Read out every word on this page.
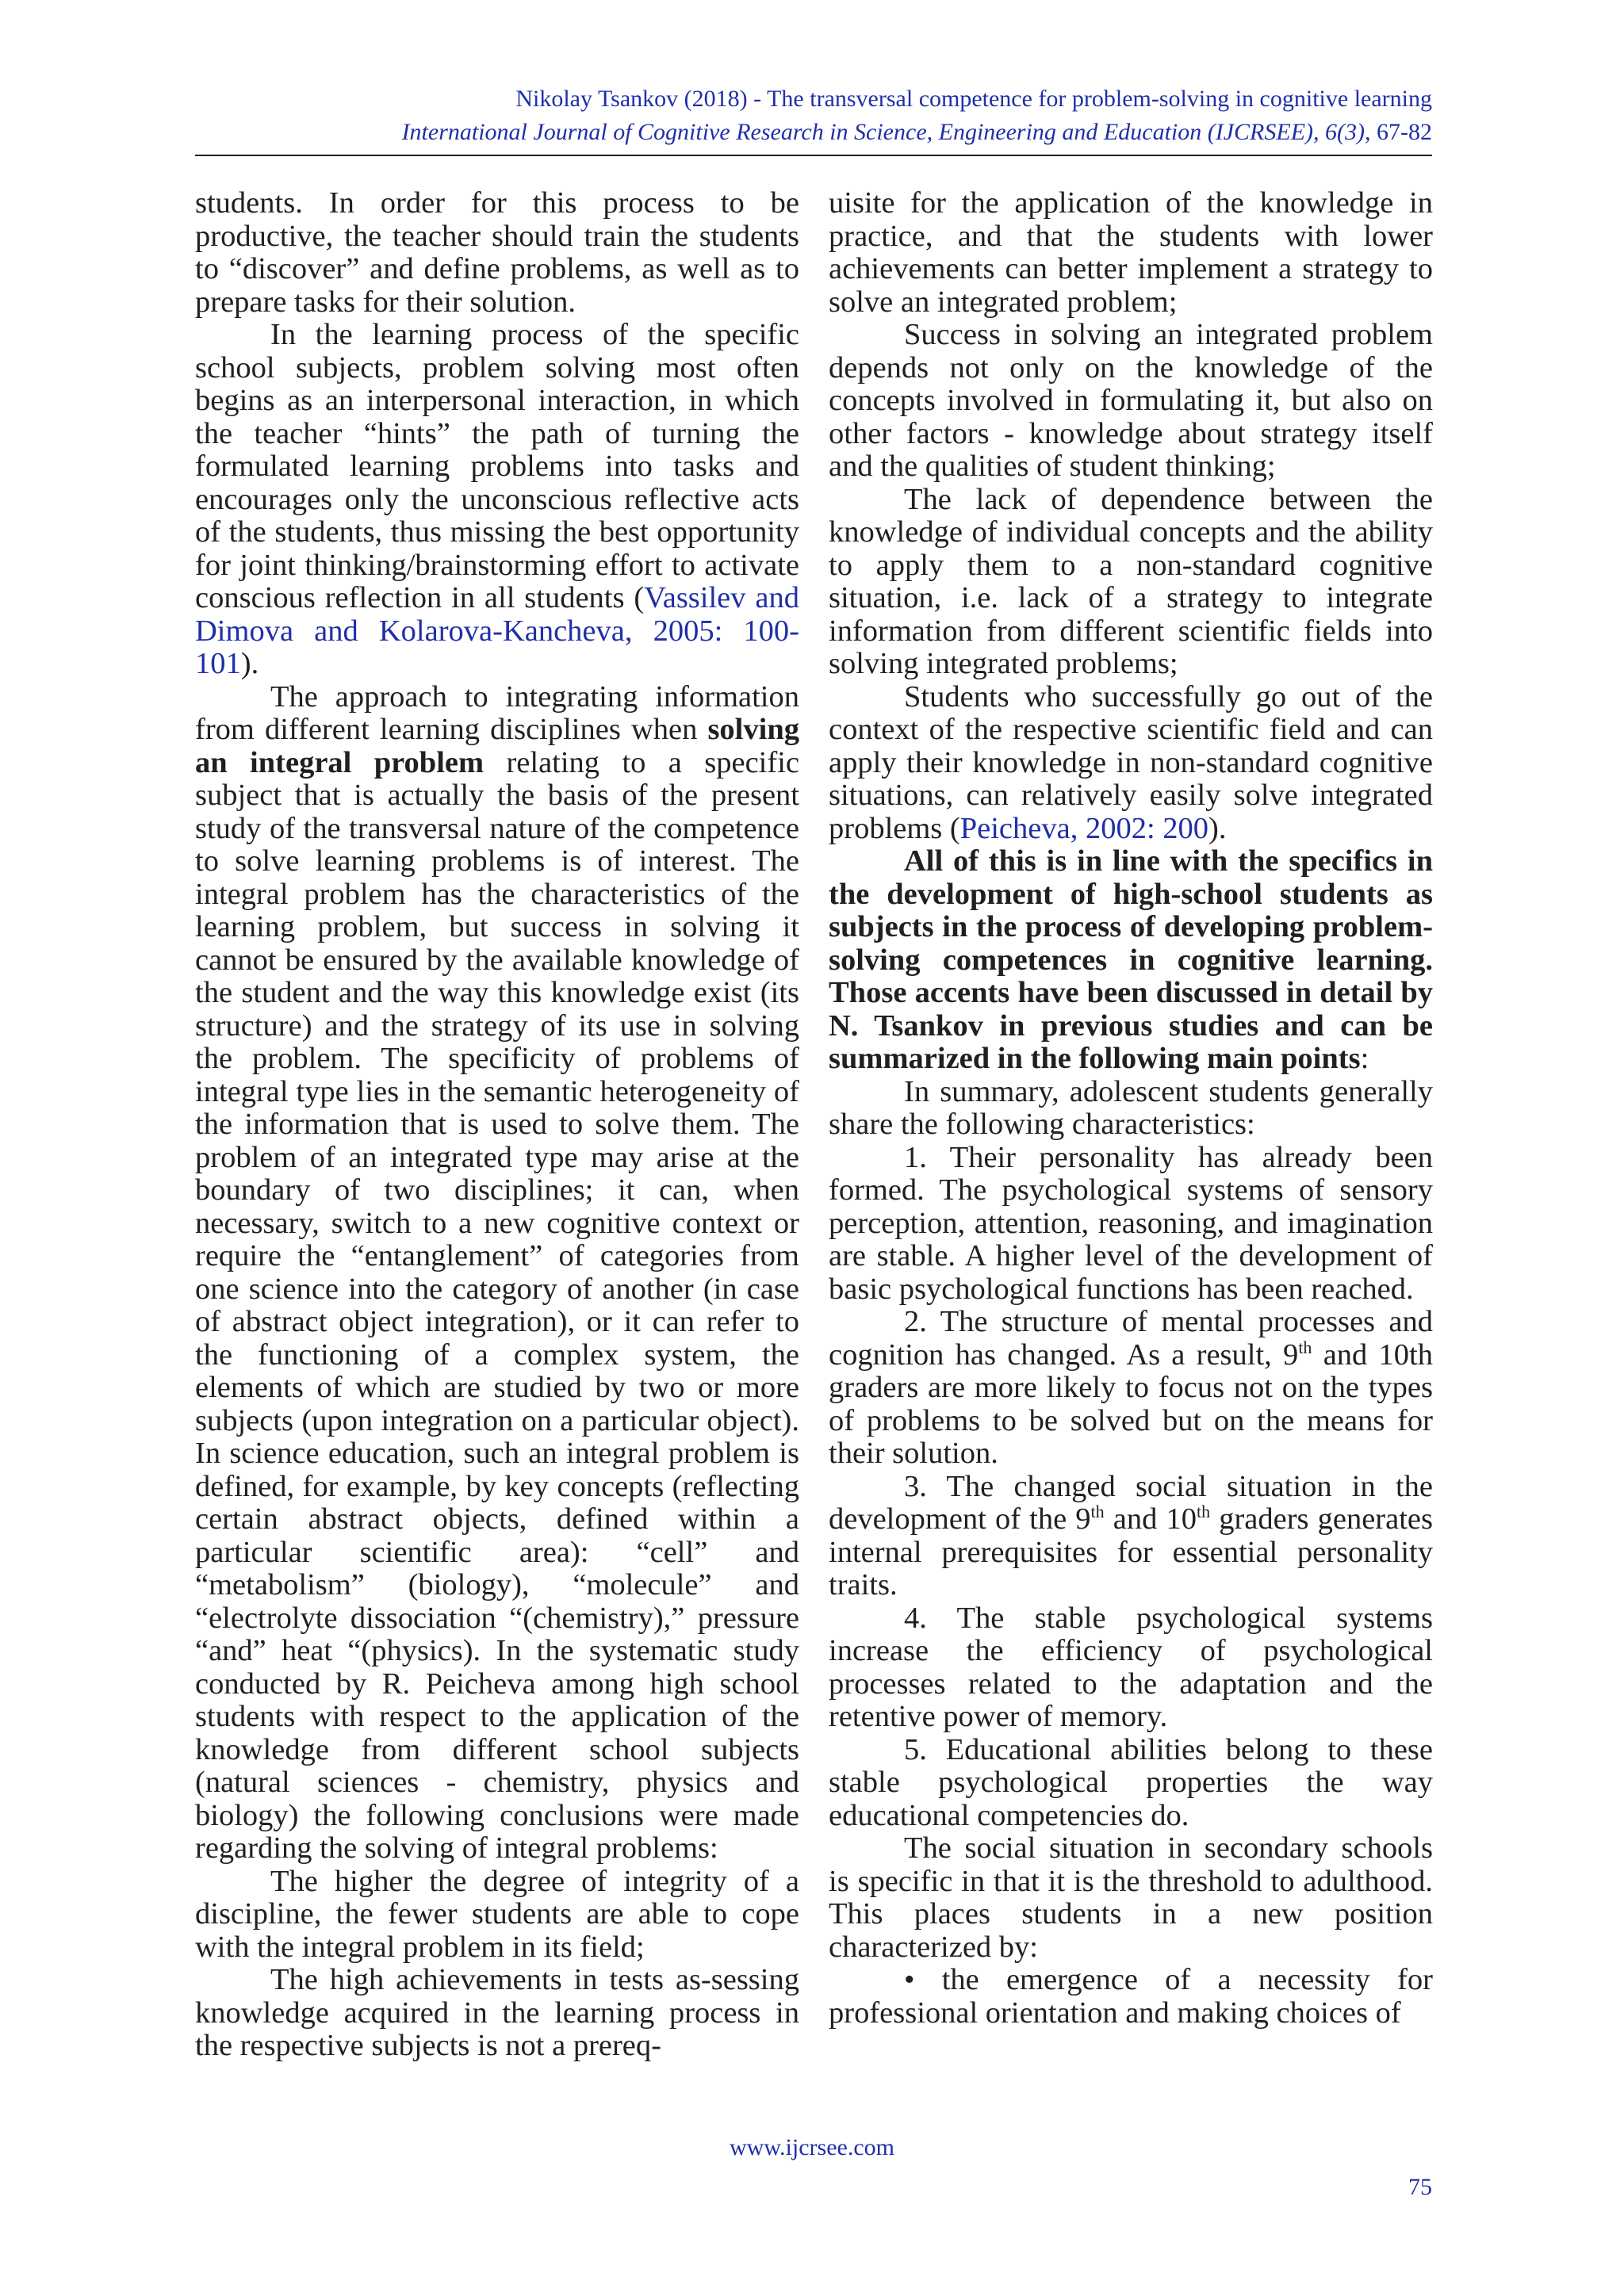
Nikolay Tsankov (2018) - The transversal competence for problem-solving in cognitive learning
International Journal of Cognitive Research in Science, Engineering and Education (IJCRSEE), 6(3), 67-82

students. In order for this process to be productive, the teacher should train the students to “discover” and define problems, as well as to prepare tasks for their solution.

In the learning process of the specific school subjects, problem solving most often begins as an interpersonal interaction, in which the teacher “hints” the path of turning the formulated learning problems into tasks and encourages only the unconscious reflective acts of the students, thus missing the best opportunity for joint thinking/brainstorming effort to activate conscious reflection in all students (Vassilev and Dimova and Kolarova-Kancheva, 2005: 100-101).

The approach to integrating information from different learning disciplines when solving an integral problem relating to a specific subject that is actually the basis of the present study of the transversal nature of the competence to solve learning problems is of interest. The integral problem has the characteristics of the learning problem, but success in solving it cannot be ensured by the available knowledge of the student and the way this knowledge exist (its structure) and the strategy of its use in solving the problem. The specificity of problems of integral type lies in the semantic heterogeneity of the information that is used to solve them. The problem of an integrated type may arise at the boundary of two disciplines; it can, when necessary, switch to a new cognitive context or require the “entanglement” of categories from one science into the category of another (in case of abstract object integration), or it can refer to the functioning of a complex system, the elements of which are studied by two or more subjects (upon integration on a particular object). In science education, such an integral problem is defined, for example, by key concepts (reflecting certain abstract objects, defined within a particular scientific area): “cell” and “metabolism” (biology), “molecule” and “electrolyte dissociation “(chemistry),” pressure “and” heat “(physics). In the systematic study conducted by R. Peicheva among high school students with respect to the application of the knowledge from different school subjects (natural sciences - chemistry, physics and biology) the following conclusions were made regarding the solving of integral problems:

The higher the degree of integrity of a discipline, the fewer students are able to cope with the integral problem in its field;

The high achievements in tests as-sessing knowledge acquired in the learning process in the respective subjects is not a prereq-

uisite for the application of the knowledge in practice, and that the students with lower achievements can better implement a strategy to solve an integrated problem;

Success in solving an integrated problem depends not only on the knowledge of the concepts involved in formulating it, but also on other factors - knowledge about strategy itself and the qualities of student thinking;

The lack of dependence between the knowledge of individual concepts and the ability to apply them to a non-standard cognitive situation, i.e. lack of a strategy to integrate information from different scientific fields into solving integrated problems;

Students who successfully go out of the context of the respective scientific field and can apply their knowledge in non-standard cognitive situations, can relatively easily solve integrated problems (Peicheva, 2002: 200).

All of this is in line with the specifics in the development of high-school students as subjects in the process of developing problem-solving competences in cognitive learning. Those accents have been discussed in detail by N. Tsankov in previous studies and can be summarized in the following main points:

In summary, adolescent students generally share the following characteristics:

1. Their personality has already been formed. The psychological systems of sensory perception, attention, reasoning, and imagination are stable. A higher level of the development of basic psychological functions has been reached.

2. The structure of mental processes and cognition has changed. As a result, 9th and 10th graders are more likely to focus not on the types of problems to be solved but on the means for their solution.

3. The changed social situation in the development of the 9th and 10th graders generates internal prerequisites for essential personality traits.

4. The stable psychological systems increase the efficiency of psychological processes related to the adaptation and the retentive power of memory.

5. Educational abilities belong to these stable psychological properties the way educational competencies do.

The social situation in secondary schools is specific in that it is the threshold to adulthood. This places students in a new position characterized by:

• the emergence of a necessity for professional orientation and making choices of

www.ijcrsee.com
75
